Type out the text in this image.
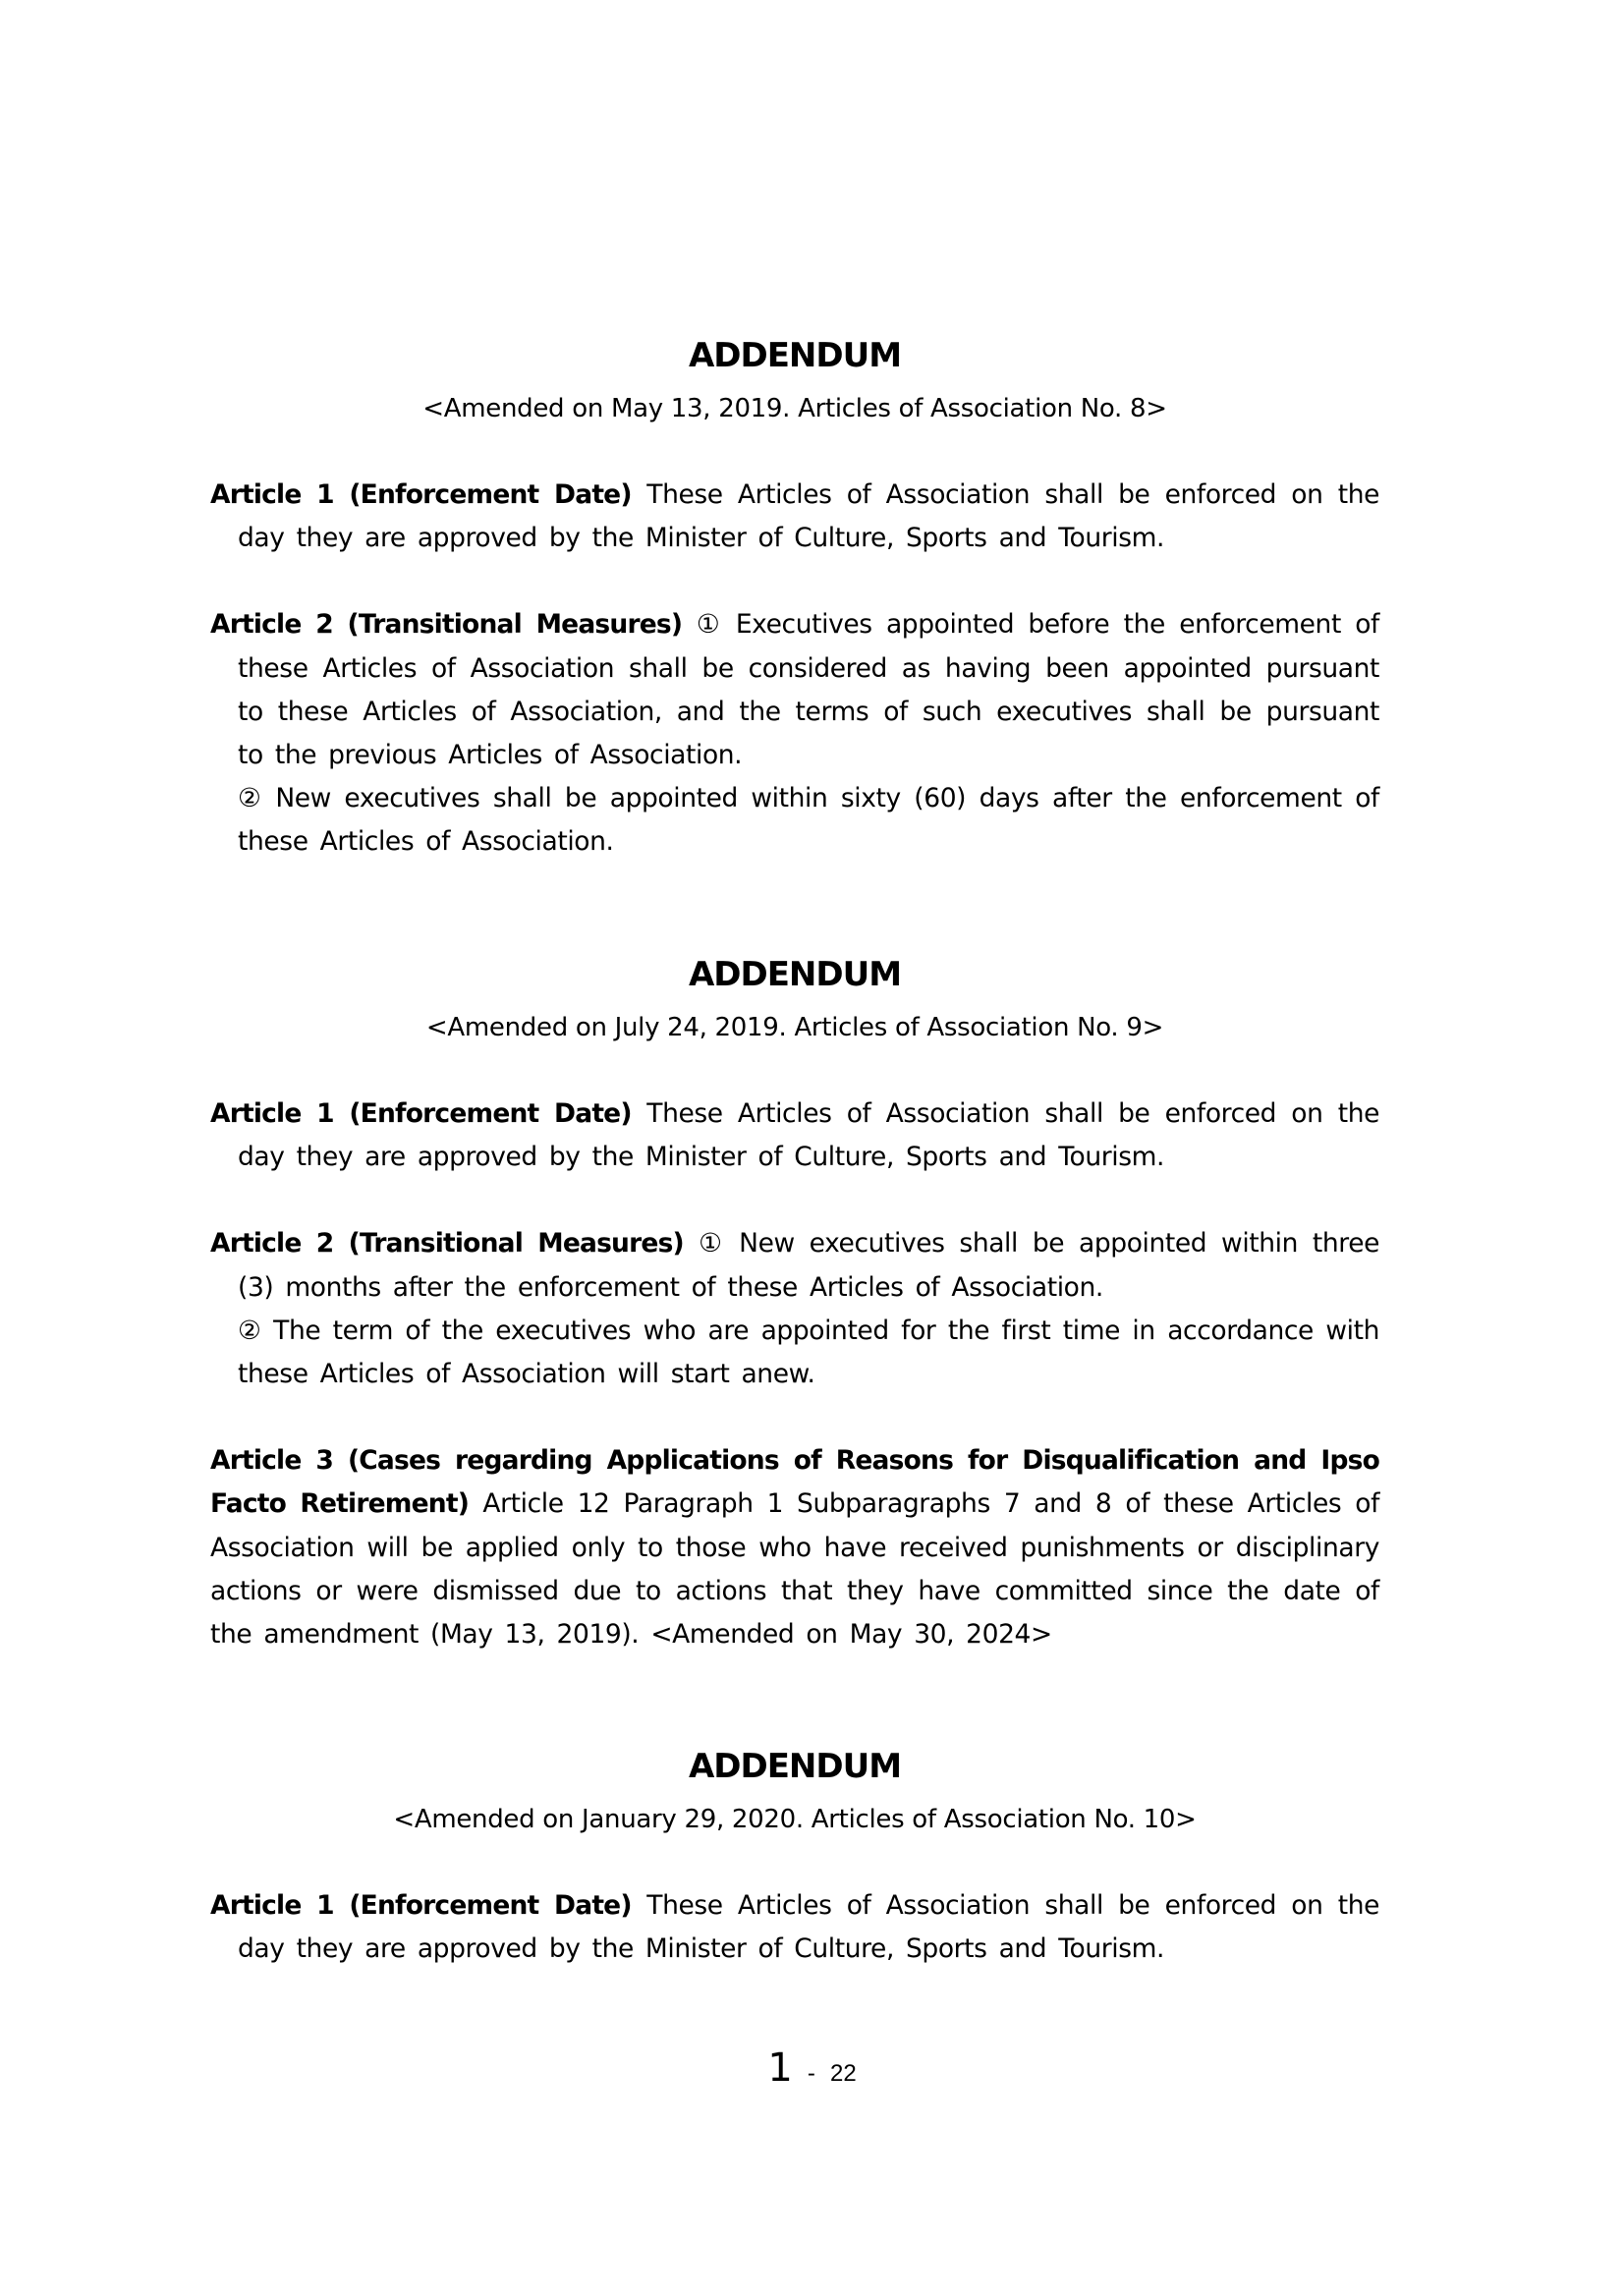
ADDENDUM
<Amended on May 13, 2019. Articles of Association No. 8>
Article 1 (Enforcement Date) These Articles of Association shall be enforced on the day they are approved by the Minister of Culture, Sports and Tourism.
Article 2 (Transitional Measures) ① Executives appointed before the enforcement of these Articles of Association shall be considered as having been appointed pursuant to these Articles of Association, and the terms of such executives shall be pursuant to the previous Articles of Association.
② New executives shall be appointed within sixty (60) days after the enforcement of these Articles of Association.
ADDENDUM
<Amended on July 24, 2019. Articles of Association No. 9>
Article 1 (Enforcement Date) These Articles of Association shall be enforced on the day they are approved by the Minister of Culture, Sports and Tourism.
Article 2 (Transitional Measures) ① New executives shall be appointed within three (3) months after the enforcement of these Articles of Association.
② The term of the executives who are appointed for the first time in accordance with these Articles of Association will start anew.
Article 3 (Cases regarding Applications of Reasons for Disqualification and Ipso Facto Retirement) Article 12 Paragraph 1 Subparagraphs 7 and 8 of these Articles of Association will be applied only to those who have received punishments or disciplinary actions or were dismissed due to actions that they have committed since the date of the amendment (May 13, 2019). <Amended on May 30, 2024>
ADDENDUM
<Amended on January 29, 2020. Articles of Association No. 10>
Article 1 (Enforcement Date) These Articles of Association shall be enforced on the day they are approved by the Minister of Culture, Sports and Tourism.
1 - 22
